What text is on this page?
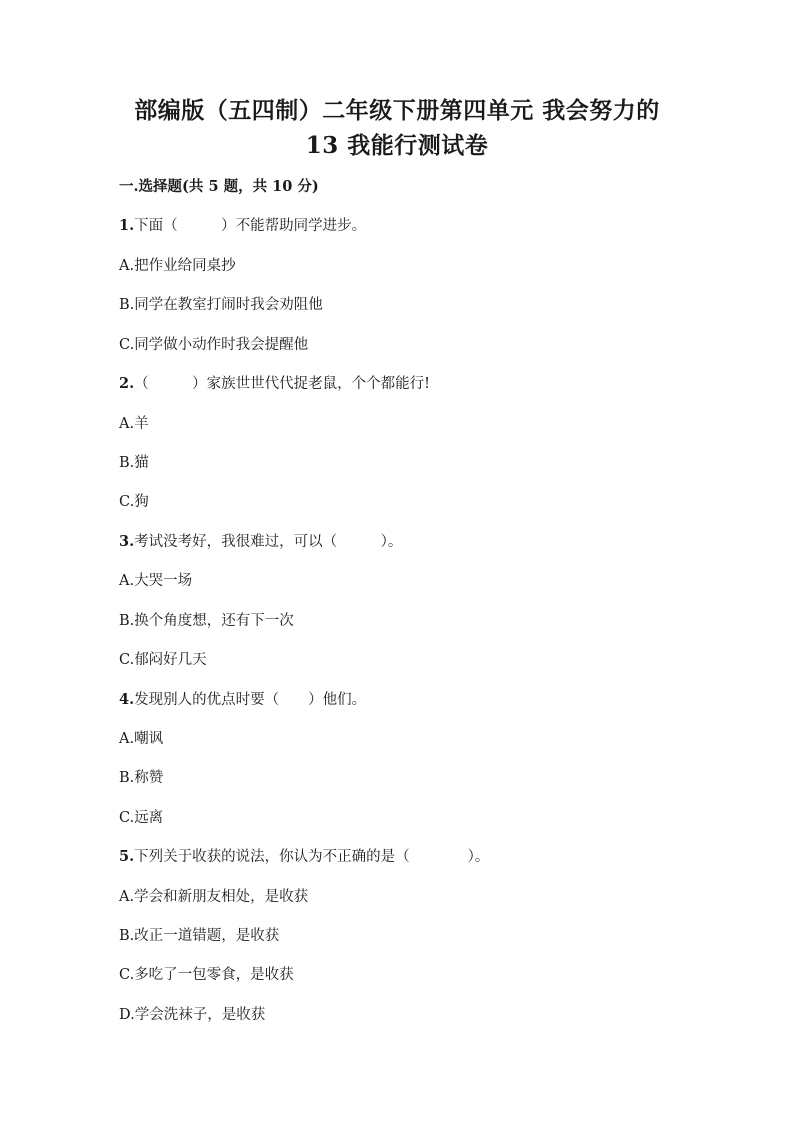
部编版（五四制）二年级下册第四单元 我会努力的
13 我能行测试卷
一.选择题(共 5 题，共 10 分)
1.下面（　　　）不能帮助同学进步。
A.把作业给同桌抄
B.同学在教室打闹时我会劝阻他
C.同学做小动作时我会提醒他
2.（　　　）家族世世代代捉老鼠，个个都能行!
A.羊
B.猫
C.狗
3.考试没考好，我很难过，可以（　　　）。
A.大哭一场
B.换个角度想，还有下一次
C.郁闷好几天
4.发现别人的优点时要（　　）他们。
A.嘲讽
B.称赞
C.远离
5.下列关于收获的说法，你认为不正确的是（　　　　）。
A.学会和新朋友相处，是收获
B.改正一道错题，是收获
C.多吃了一包零食，是收获
D.学会洗袜子，是收获
